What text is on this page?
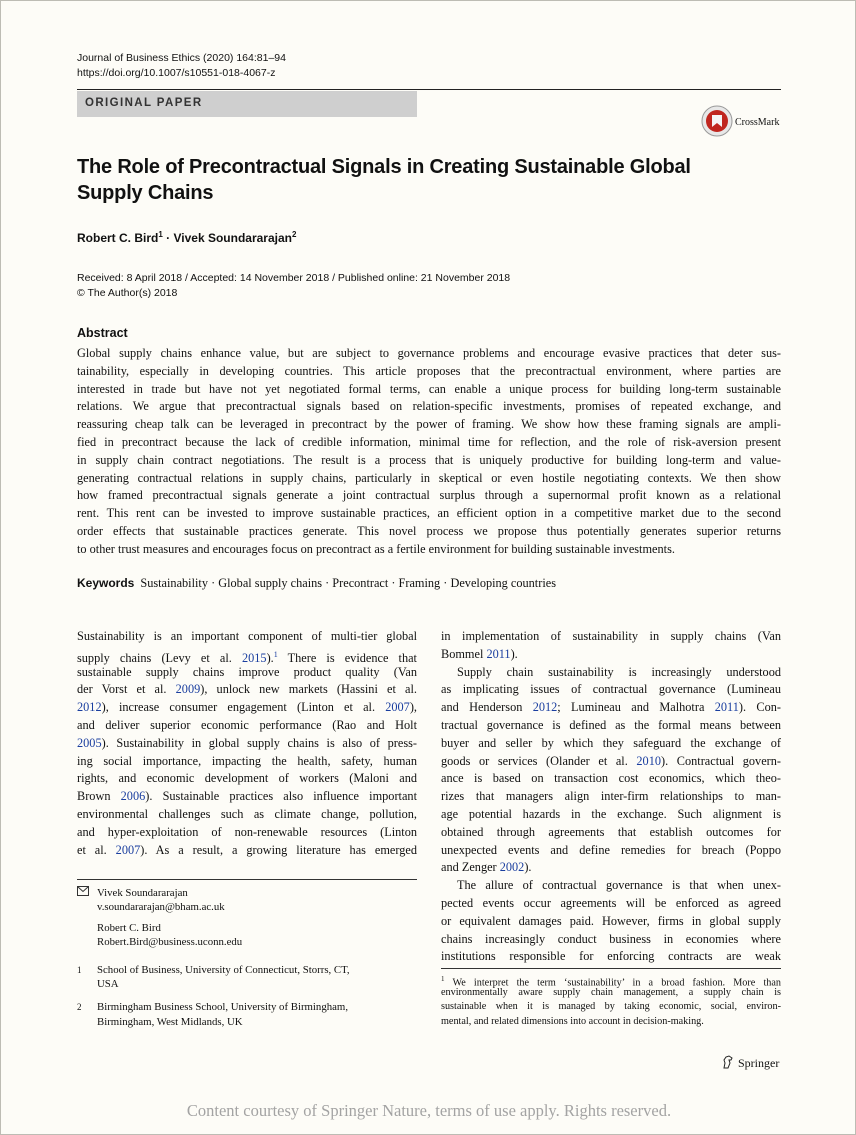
Journal of Business Ethics (2020) 164:81–94
https://doi.org/10.1007/s10551-018-4067-z
ORIGINAL PAPER
CrossMark
The Role of Precontractual Signals in Creating Sustainable Global
Supply Chains
Robert C. Bird$^1$ · Vivek Soundararajan$^2$
Received: 8 April 2018 / Accepted: 14 November 2018 / Published online: 21 November 2018
© The Author(s) 2018
Abstract
Global supply chains enhance value, but are subject to governance problems and encourage evasive practices that deter sus-
tainability, especially in developing countries. This article proposes that the precontractual environment, where parties are
interested in trade but have not yet negotiated formal terms, can enable a unique process for building long-term sustainable
relations. We argue that precontractual signals based on relation-specific investments, promises of repeated exchange, and
reassuring cheap talk can be leveraged in precontract by the power of framing. We show how these framing signals are ampli-
fied in precontract because the lack of credible information, minimal time for reflection, and the role of risk-aversion present
in supply chain contract negotiations. The result is a process that is uniquely productive for building long-term and value-
generating contractual relations in supply chains, particularly in skeptical or even hostile negotiating contexts. We then show
how framed precontractual signals generate a joint contractual surplus through a supernormal profit known as a relational
rent. This rent can be invested to improve sustainable practices, an efficient option in a competitive market due to the second
order effects that sustainable practices generate. This novel process we propose thus potentially generates superior returns
to other trust measures and encourages focus on precontract as a fertile environment for building sustainable investments.
Keywords Sustainability · Global supply chains · Precontract · Framing · Developing countries
Sustainability is an important component of multi-tier global
supply chains (Levy et al. 2015).$^1$ There is evidence that
sustainable supply chains improve product quality (Van
der Vorst et al. 2009), unlock new markets (Hassini et al.
2012), increase consumer engagement (Linton et al. 2007),
and deliver superior economic performance (Rao and Holt
2005). Sustainability in global supply chains is also of press-
ing social importance, impacting the health, safety, human
rights, and economic development of workers (Maloni and
Brown 2006). Sustainable practices also influence important
environmental challenges such as climate change, pollution,
and hyper-exploitation of non-renewable resources (Linton
et al. 2007). As a result, a growing literature has emerged
in implementation of sustainability in supply chains (Van
Bommel 2011).
Supply chain sustainability is increasingly understood
as implicating issues of contractual governance (Lumineau
and Henderson 2012; Lumineau and Malhotra 2011). Con-
tractual governance is defined as the formal means between
buyer and seller by which they safeguard the exchange of
goods or services (Olander et al. 2010). Contractual govern-
ance is based on transaction cost economics, which theo-
rizes that managers align inter-firm relationships to man-
age potential hazards in the exchange. Such alignment is
obtained through agreements that establish outcomes for
unexpected events and define remedies for breach (Poppo
and Zenger 2002).
The allure of contractual governance is that when unex-
pected events occur agreements will be enforced as agreed
or equivalent damages paid. However, firms in global supply
chains increasingly conduct business in economies where
institutions responsible for enforcing contracts are weak
Vivek Soundararajan
v.soundararajan@bham.ac.uk
Robert C. Bird
Robert.Bird@business.uconn.edu
1 School of Business, University of Connecticut, Storrs, CT,
USA
2 Birmingham Business School, University of Birmingham,
Birmingham, West Midlands, UK
$^1$ We interpret the term ‘sustainability’ in a broad fashion. More than
environmentally aware supply chain management, a supply chain is
sustainable when it is managed by taking economic, social, environ-
mental, and related dimensions into account in decision-making.
Springer
Content courtesy of Springer Nature, terms of use apply. Rights reserved.
